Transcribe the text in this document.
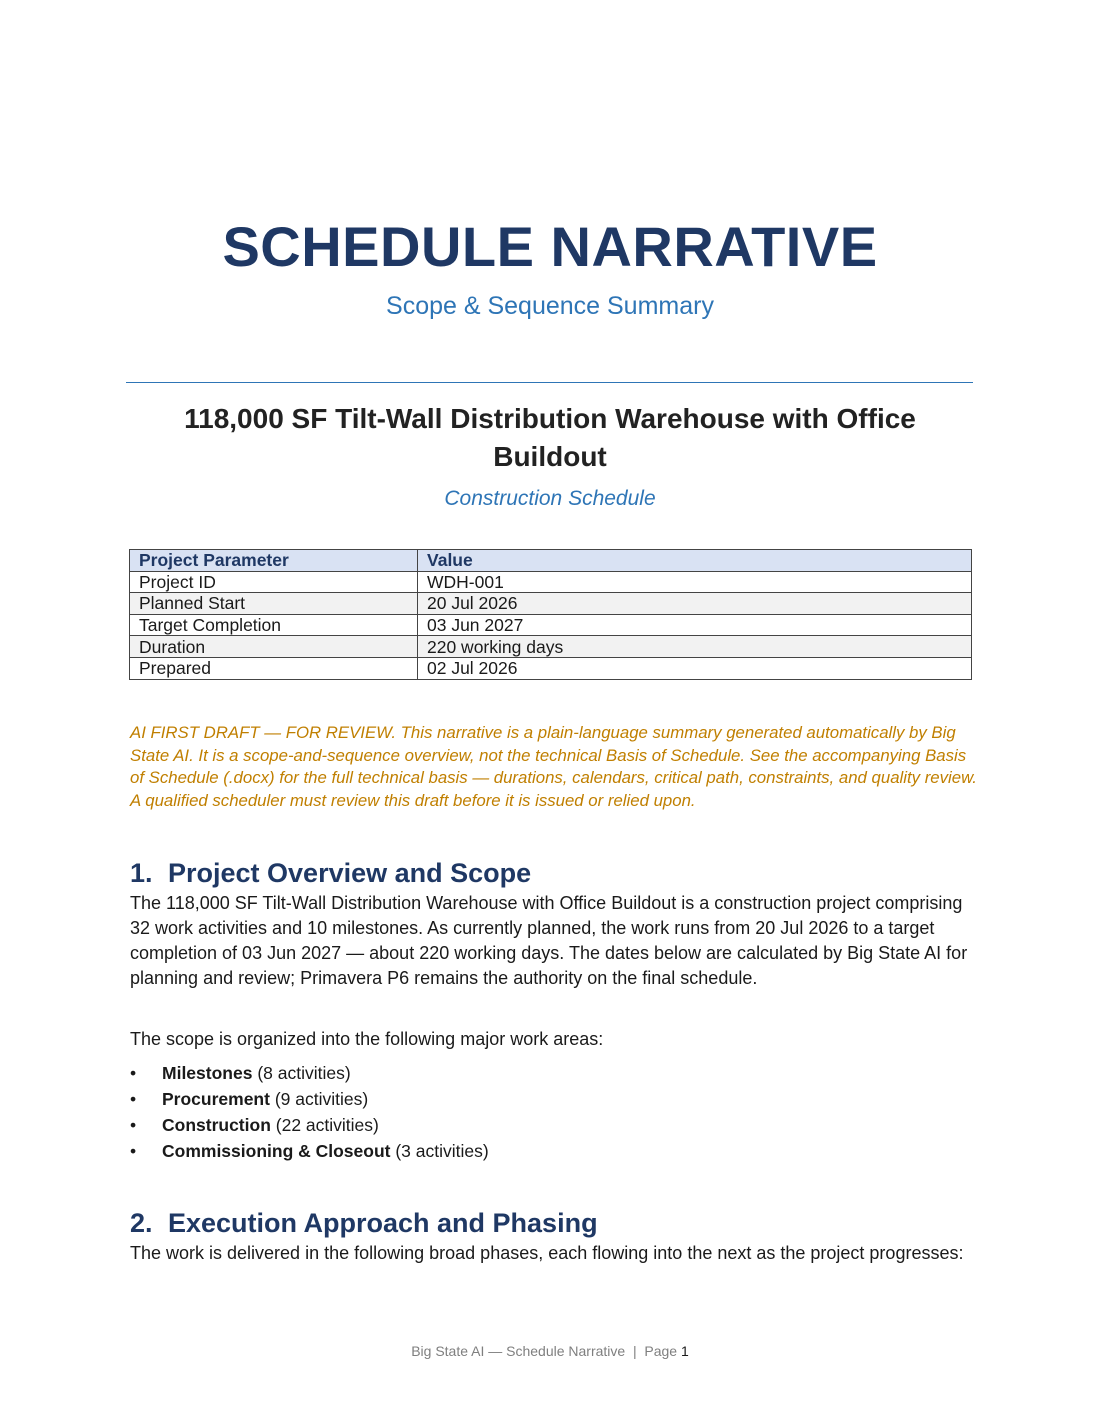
SCHEDULE NARRATIVE
Scope & Sequence Summary
118,000 SF Tilt-Wall Distribution Warehouse with Office Buildout
Construction Schedule
Project Parameter	Value
Project ID	WDH-001
Planned Start	20 Jul 2026
Target Completion	03 Jun 2027
Duration	220 working days
Prepared	02 Jul 2026
AI FIRST DRAFT — FOR REVIEW. This narrative is a plain-language summary generated automatically by Big State AI. It is a scope-and-sequence overview, not the technical Basis of Schedule. See the accompanying Basis of Schedule (.docx) for the full technical basis — durations, calendars, critical path, constraints, and quality review. A qualified scheduler must review this draft before it is issued or relied upon.
1. Project Overview and Scope
The 118,000 SF Tilt-Wall Distribution Warehouse with Office Buildout is a construction project comprising 32 work activities and 10 milestones. As currently planned, the work runs from 20 Jul 2026 to a target completion of 03 Jun 2027 — about 220 working days. The dates below are calculated by Big State AI for planning and review; Primavera P6 remains the authority on the final schedule.
The scope is organized into the following major work areas:
• Milestones (8 activities)
• Procurement (9 activities)
• Construction (22 activities)
• Commissioning & Closeout (3 activities)
2. Execution Approach and Phasing
The work is delivered in the following broad phases, each flowing into the next as the project progresses:
Big State AI — Schedule Narrative  |  Page 1
